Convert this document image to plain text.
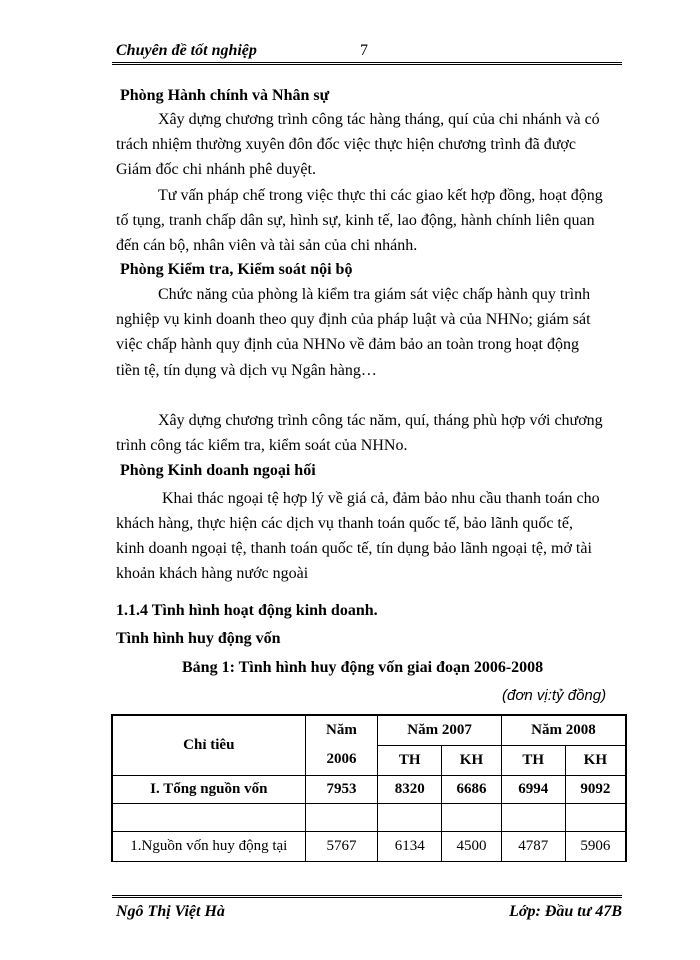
Chuyên đề tốt nghiệp	7
Phòng Hành chính và Nhân sự
Xây dựng chương trình công tác hàng tháng, quí của chi nhánh và có
trách nhiệm thường xuyên đôn đốc việc thực hiện chương trình đã được
Giám đốc chi nhánh phê duyệt.
Tư vấn pháp chế trong việc thực thi các giao kết hợp đồng, hoạt động
tố tụng, tranh chấp dân sự, hình sự, kinh tế, lao động, hành chính liên quan
đến cán bộ, nhân viên và tài sản của chi nhánh.
Phòng Kiểm tra, Kiểm soát nội bộ
Chức năng của phòng là kiểm tra giám sát việc chấp hành quy trình
nghiệp vụ kinh doanh theo quy định của pháp luật và của NHNo; giám sát
việc chấp hành quy định của NHNo về đảm bảo an toàn trong hoạt động
tiền tệ, tín dụng và dịch vụ Ngân hàng…
Xây dựng chương trình công tác năm, quí, tháng phù hợp với chương
trình công tác kiểm tra, kiểm soát của NHNo.
Phòng Kinh doanh ngoại hối
Khai thác ngoại tệ hợp lý về giá cả, đảm bảo nhu cầu thanh toán cho
khách hàng, thực hiện các dịch vụ thanh toán quốc tế, bảo lãnh quốc tế,
kinh doanh ngoại tệ, thanh toán quốc tế, tín dụng bảo lãnh ngoại tệ, mở tài
khoản khách hàng nước ngoài
1.1.4 Tình hình hoạt động kinh doanh.
Tình hình huy động vốn
Bảng 1: Tình hình huy động vốn giai đoạn 2006-2008
(đơn vị:tỷ đồng)
Chỉ tiêu	Năm	Năm 2007		Năm 2008	
	2006	TH	KH	TH	KH
I. Tổng nguồn vốn	7953	8320	6686	6994	9092

1.Nguồn vốn huy động tại	5767	6134	4500	4787	5906
Ngô Thị Việt Hà	Lớp: Đầu tư 47B
